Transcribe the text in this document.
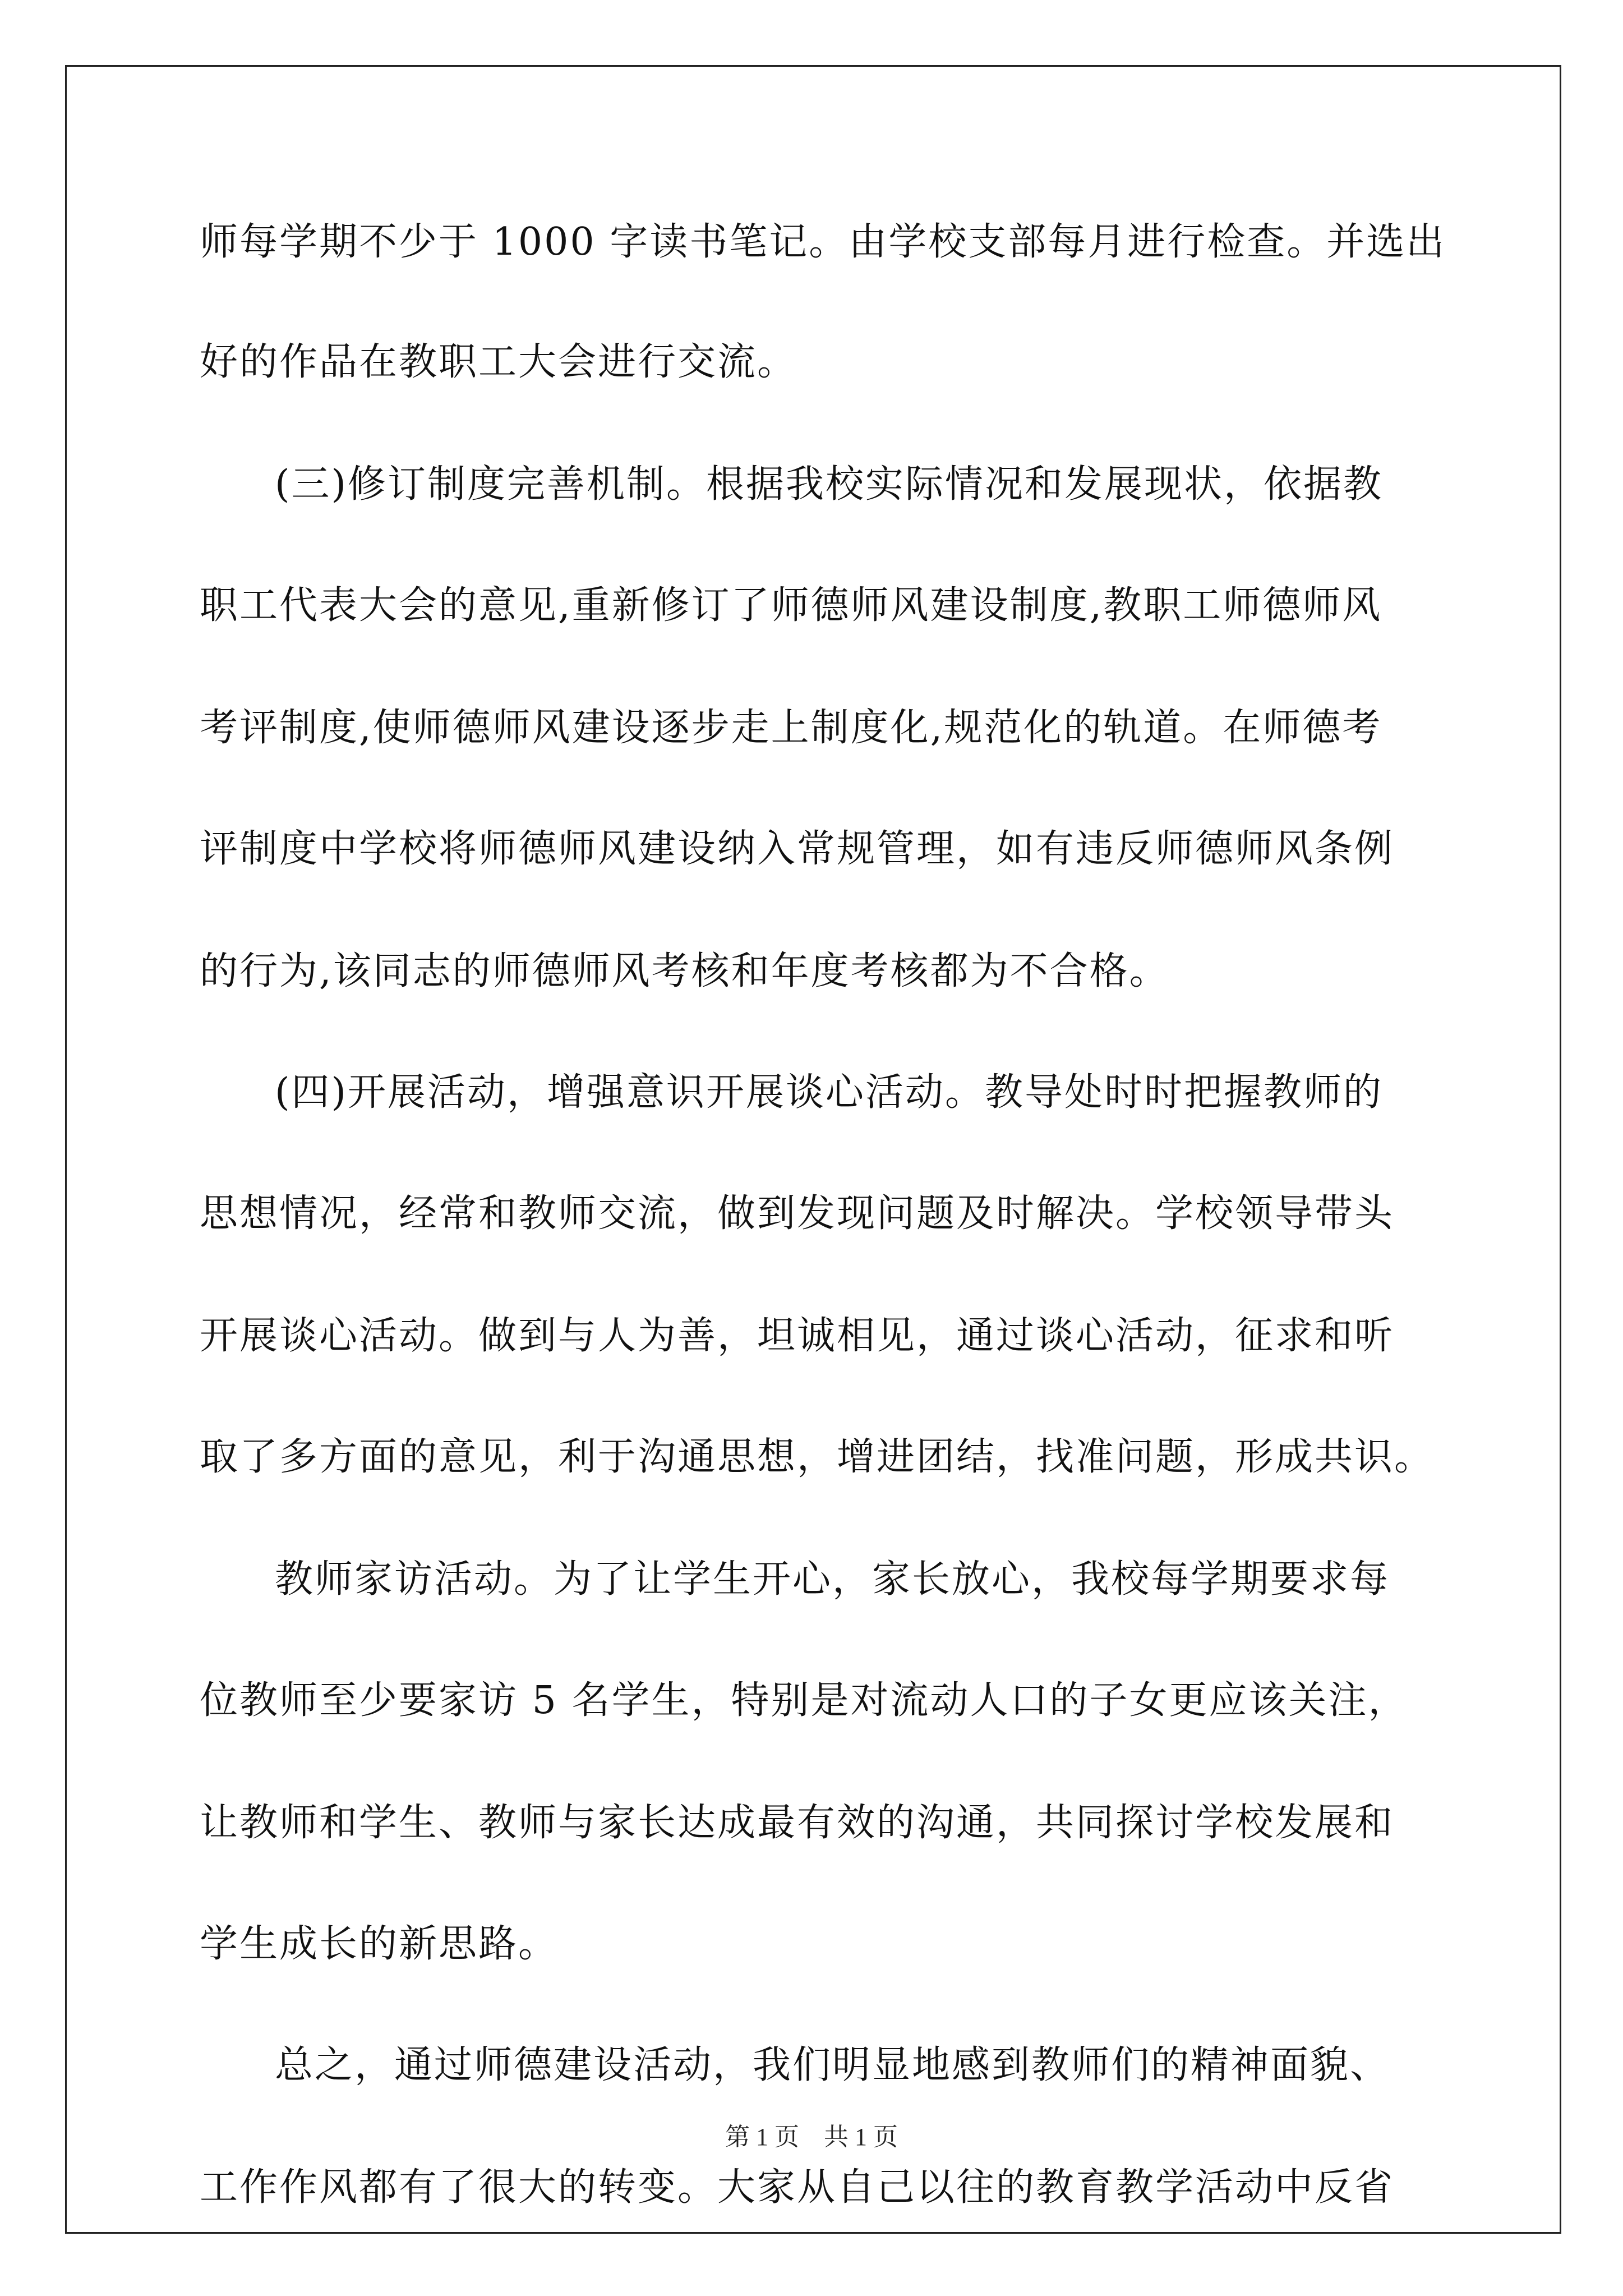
师每学期不少于 1000 字读书笔记。由学校支部每月进行检查。并选出
好的作品在教职工大会进行交流。
(三)修订制度完善机制。根据我校实际情况和发展现状，依据教
职工代表大会的意见,重新修订了师德师风建设制度,教职工师德师风
考评制度,使师德师风建设逐步走上制度化,规范化的轨道。在师德考
评制度中学校将师德师风建设纳入常规管理，如有违反师德师风条例
的行为,该同志的师德师风考核和年度考核都为不合格。
(四)开展活动，增强意识开展谈心活动。教导处时时把握教师的
思想情况，经常和教师交流，做到发现问题及时解决。学校领导带头
开展谈心活动。做到与人为善，坦诚相见，通过谈心活动，征求和听
取了多方面的意见，利于沟通思想，增进团结，找准问题，形成共识。
教师家访活动。为了让学生开心，家长放心，我校每学期要求每
位教师至少要家访 5 名学生，特别是对流动人口的子女更应该关注，
让教师和学生、教师与家长达成最有效的沟通，共同探讨学校发展和
学生成长的新思路。
总之，通过师德建设活动，我们明显地感到教师们的精神面貌、
工作作风都有了很大的转变。大家从自己以往的教育教学活动中反省
第 1 页　共 1 页
